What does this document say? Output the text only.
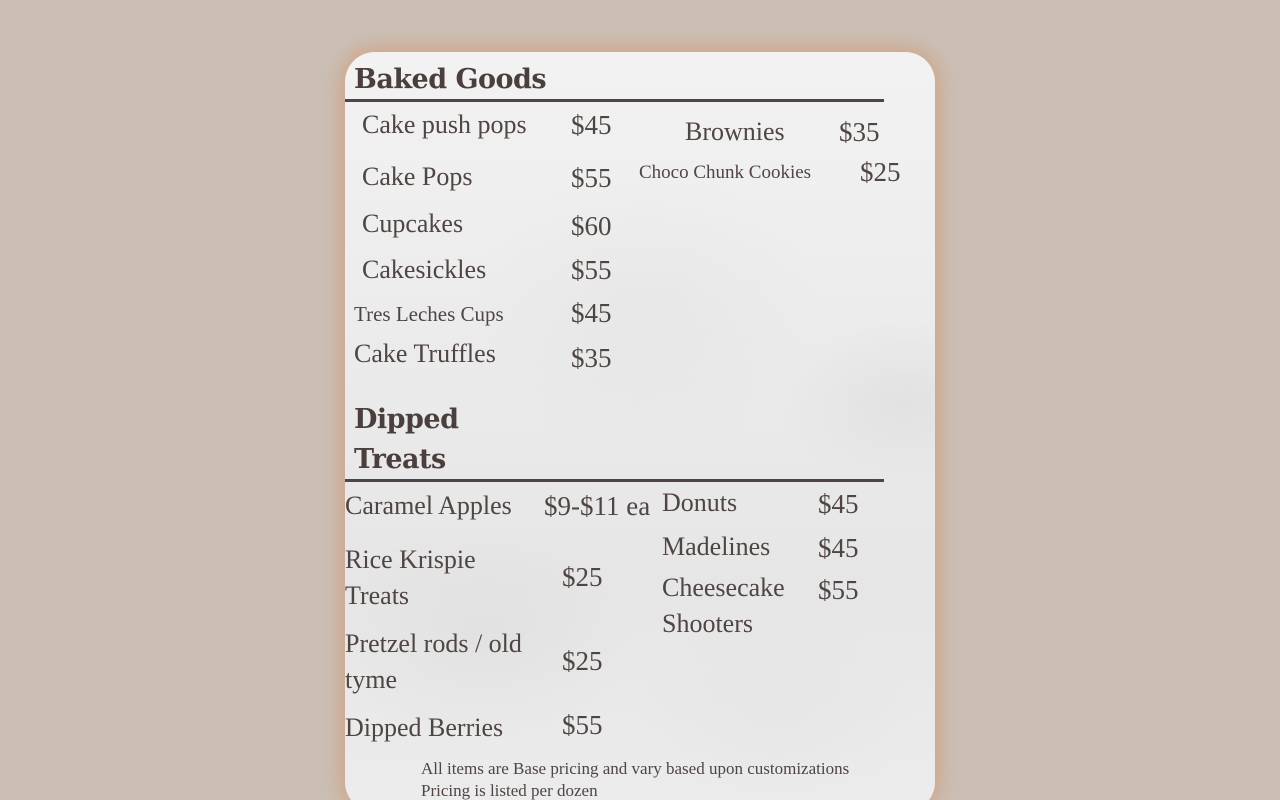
Baked Goods
Cake push pops $45
Cake Pops	$55
Cupcakes	$60
Cakesickles	$55
Tres Leches Cups $45
Cake Truffles	$35
Brownies $35
Choco Chunk Cookies $25
Dipped
Treats
Caramel Apples $9-$11 ea
Rice Krispie
Treats
$25
Pretzel rods / old
tyme
$25
Dipped Berries $55
Donuts	$45
Madelines $45
Cheesecake
Shooters
$55
All items are Base pricing and vary based upon customizations
Pricing is listed per dozen
